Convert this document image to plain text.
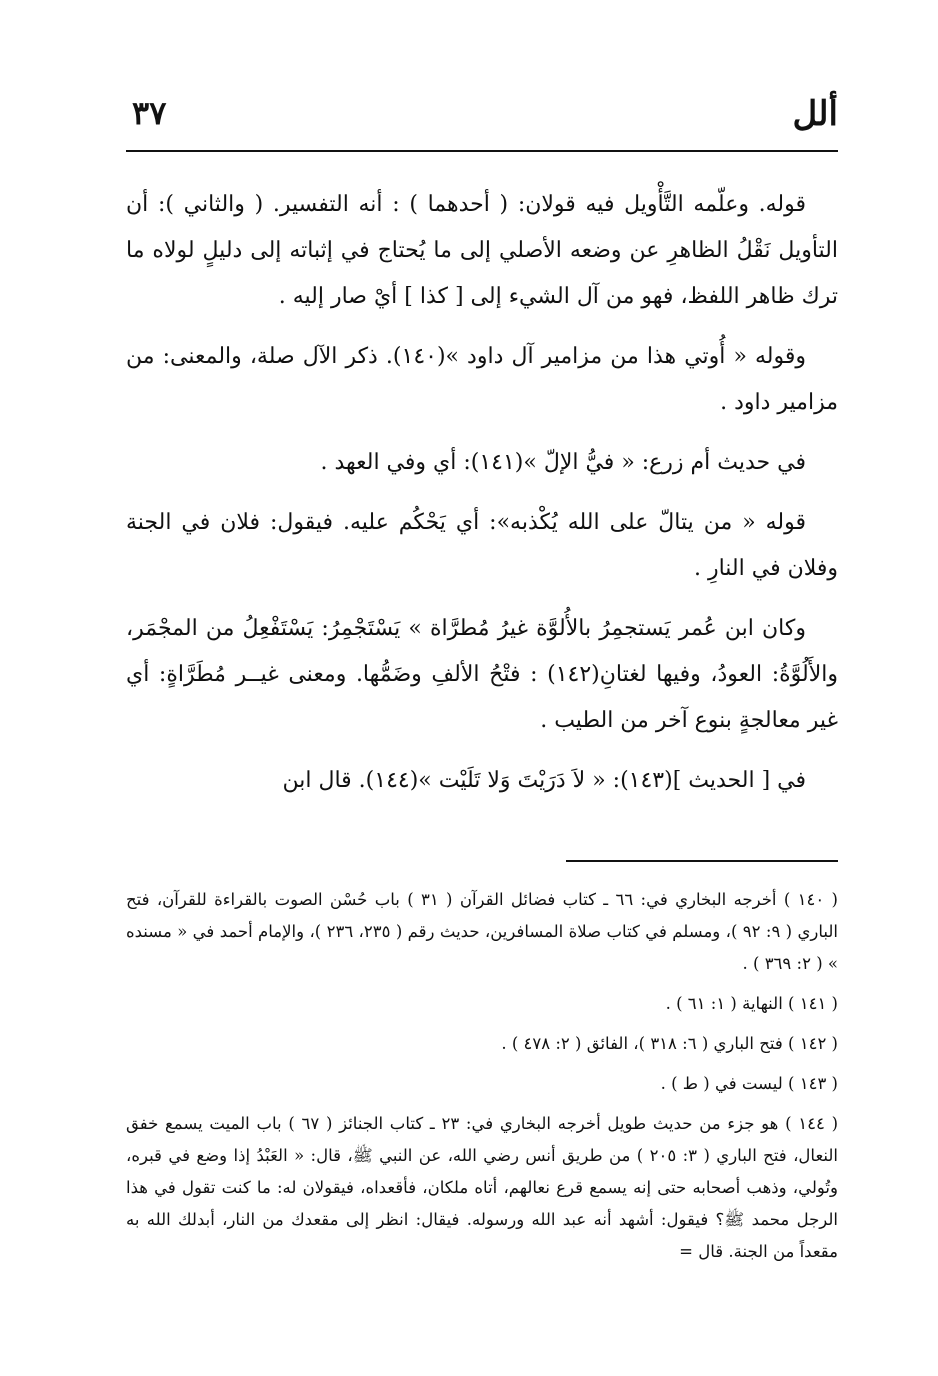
ألل
٣٧

قوله. وعلّمه التَّأْويل فيه قولان: ( أحدهما ) : أنه التفسير. ( والثاني ): أن التأويل نَقْلُ الظاهرِ عن وضعه الأصلي إلى ما يُحتاج في إثباته إلى دليلٍ لولاه ما ترك ظاهر اللفظ، فهو من آل الشيء إلى [ كذا ] أيْ صار إليه .

وقوله « أُوتي هذا من مزامير آل داود »(١٤٠). ذكر الآل صلة، والمعنى: من مزامير داود .

في حديث أم زرع: « فيُّ الإلّ »(١٤١): أي وفي العهد .

قوله « من يتالّ على الله يُكْذبه»: أي يَحْكُم عليه. فيقول: فلان في الجنة وفلان في النارِ .

وكان ابن عُمر يَستجمِرُ بالأُلوَّة غيرُ مُطرَّاة » يَسْتَجْمِرُ: يَسْتَفْعِلُ من المجْمَر، والأَلُوَّةُ: العودُ، وفيها لغتانِ(١٤٢) : فتْحُ الألفِ وضَمُّها. ومعنى غيــر مُطَرَّاةٍ: أي غير معالجةٍ بنوع آخر من الطيب .

في [ الحديث ](١٤٣): « لاَ دَرَيْتَ وَلا تَلَيْت »(١٤٤). قال ابن

( ١٤٠ ) أخرجه البخاري في: ٦٦ ـ كتاب فضائل القرآن ( ٣١ ) باب حُسْن الصوت بالقراءة للقرآن، فتح الباري ( ٩: ٩٢ )، ومسلم في كتاب صلاة المسافرين، حديث رقم ( ٢٣٥، ٢٣٦ )، والإمام أحمد في « مسنده » ( ٢: ٣٦٩ ) .
( ١٤١ ) النهاية ( ١: ٦١ ) .
( ١٤٢ ) فتح الباري ( ٦: ٣١٨ )، الفائق ( ٢: ٤٧٨ ) .
( ١٤٣ ) ليست في ( ط ) .
( ١٤٤ ) هو جزء من حديث طويل أخرجه البخاري في: ٢٣ ـ كتاب الجنائز ( ٦٧ ) باب الميت يسمع خفق النعال، فتح الباري ( ٣: ٢٠٥ ) من طريق أنس رضي الله، عن النبي ﷺ، قال: « العَبْدُ إذا وضع في قبره، وتُولي، وذهب أصحابه حتى إنه يسمع قرع نعالهم، أتاه ملكان، فأقعداه، فيقولان له: ما كنت تقول في هذا الرجل محمد ﷺ؟ فيقول: أشهد أنه عبد الله ورسوله. فيقال: انظر إلى مقعدك من النار، أبدلك الله به مقعداً من الجنة. قال =
